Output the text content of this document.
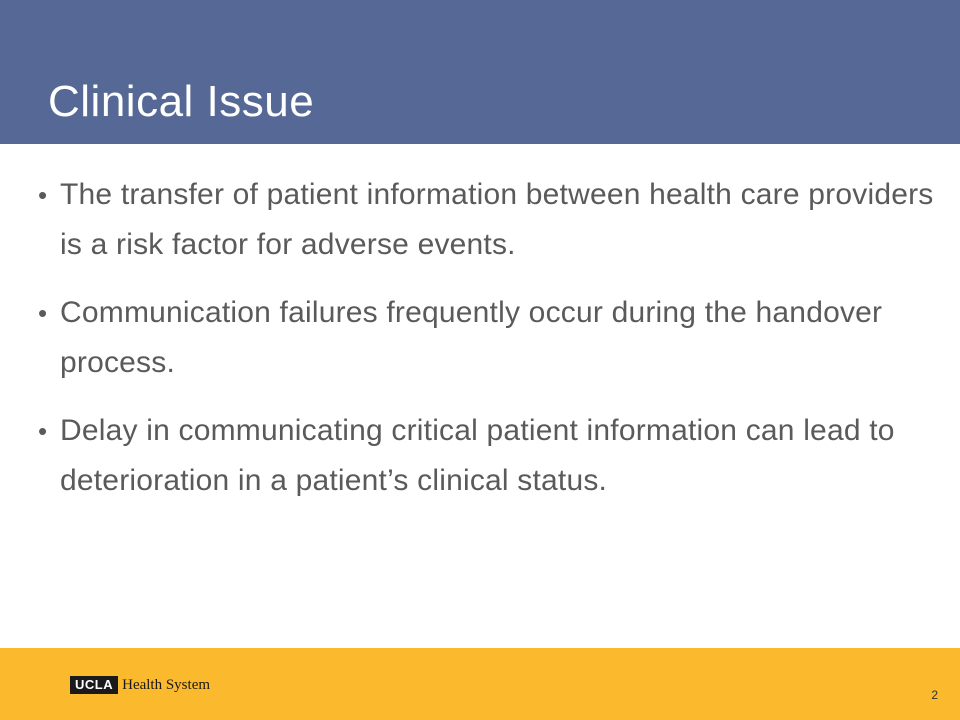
Clinical Issue
• The transfer of patient information between health care providers is a risk factor for adverse events.
• Communication failures frequently occur during the handover process.
• Delay in communicating critical patient information can lead to deterioration in a patient’s clinical status.
UCLA Health System
2
